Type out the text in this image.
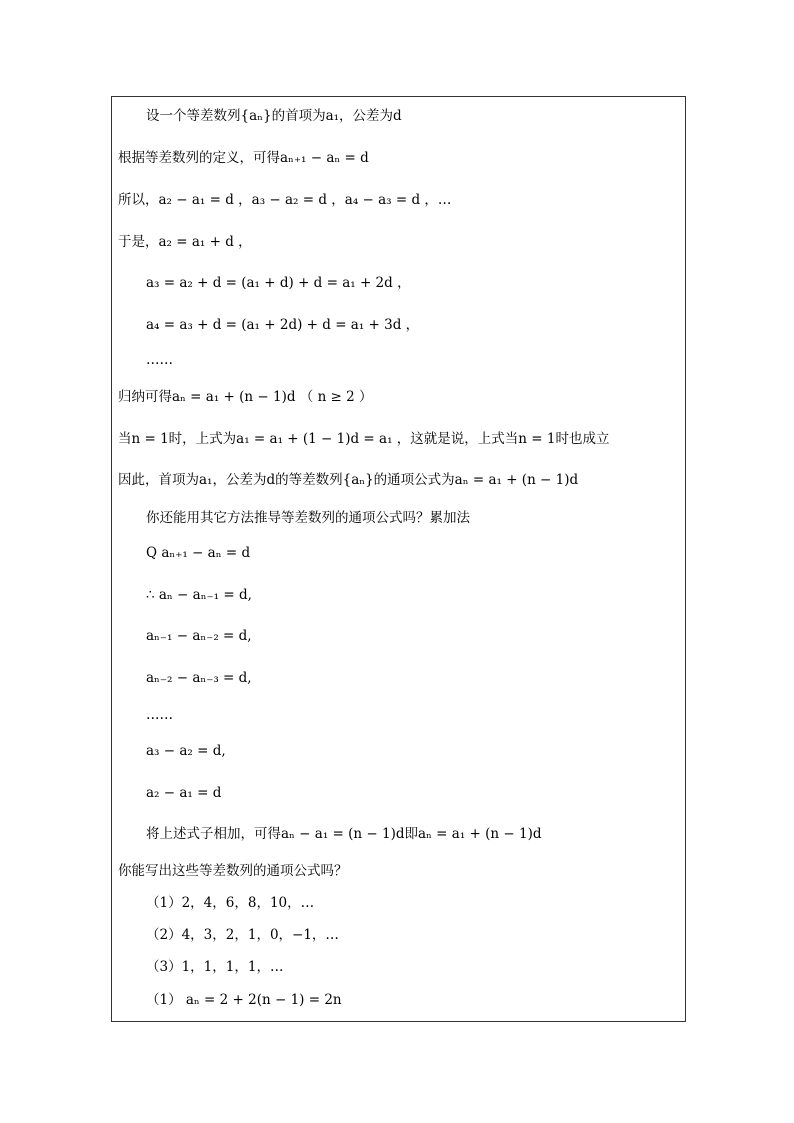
设一个等差数列{aₙ}的首项为a₁，公差为d
根据等差数列的定义，可得aₙ₊₁ − aₙ = d
所以，a₂ − a₁ = d ，a₃ − a₂ = d ，a₄ − a₃ = d ，…
于是，a₂ = a₁ + d ，
a₃ = a₂ + d = (a₁ + d) + d = a₁ + 2d ，
a₄ = a₃ + d = (a₁ + 2d) + d = a₁ + 3d ，
……
归纳可得aₙ = a₁ + (n − 1)d （ n ≥ 2 ）
当n = 1时，上式为a₁ = a₁ + (1 − 1)d = a₁ ，这就是说，上式当n = 1时也成立
因此，首项为a₁，公差为d的等差数列{aₙ}的通项公式为aₙ = a₁ + (n − 1)d
你还能用其它方法推导等差数列的通项公式吗？累加法
Q aₙ₊₁ − aₙ = d
∴ aₙ − aₙ₋₁ = d,
aₙ₋₁ − aₙ₋₂ = d,
aₙ₋₂ − aₙ₋₃ = d,
……
a₃ − a₂ = d,
a₂ − a₁ = d
将上述式子相加，可得aₙ − a₁ = (n − 1)d即aₙ = a₁ + (n − 1)d
你能写出这些等差数列的通项公式吗？
（1）2，4，6，8，10，…
（2）4，3，2，1，0，−1，…
（3）1，1，1，1，…
（1） aₙ = 2 + 2(n − 1) = 2n
